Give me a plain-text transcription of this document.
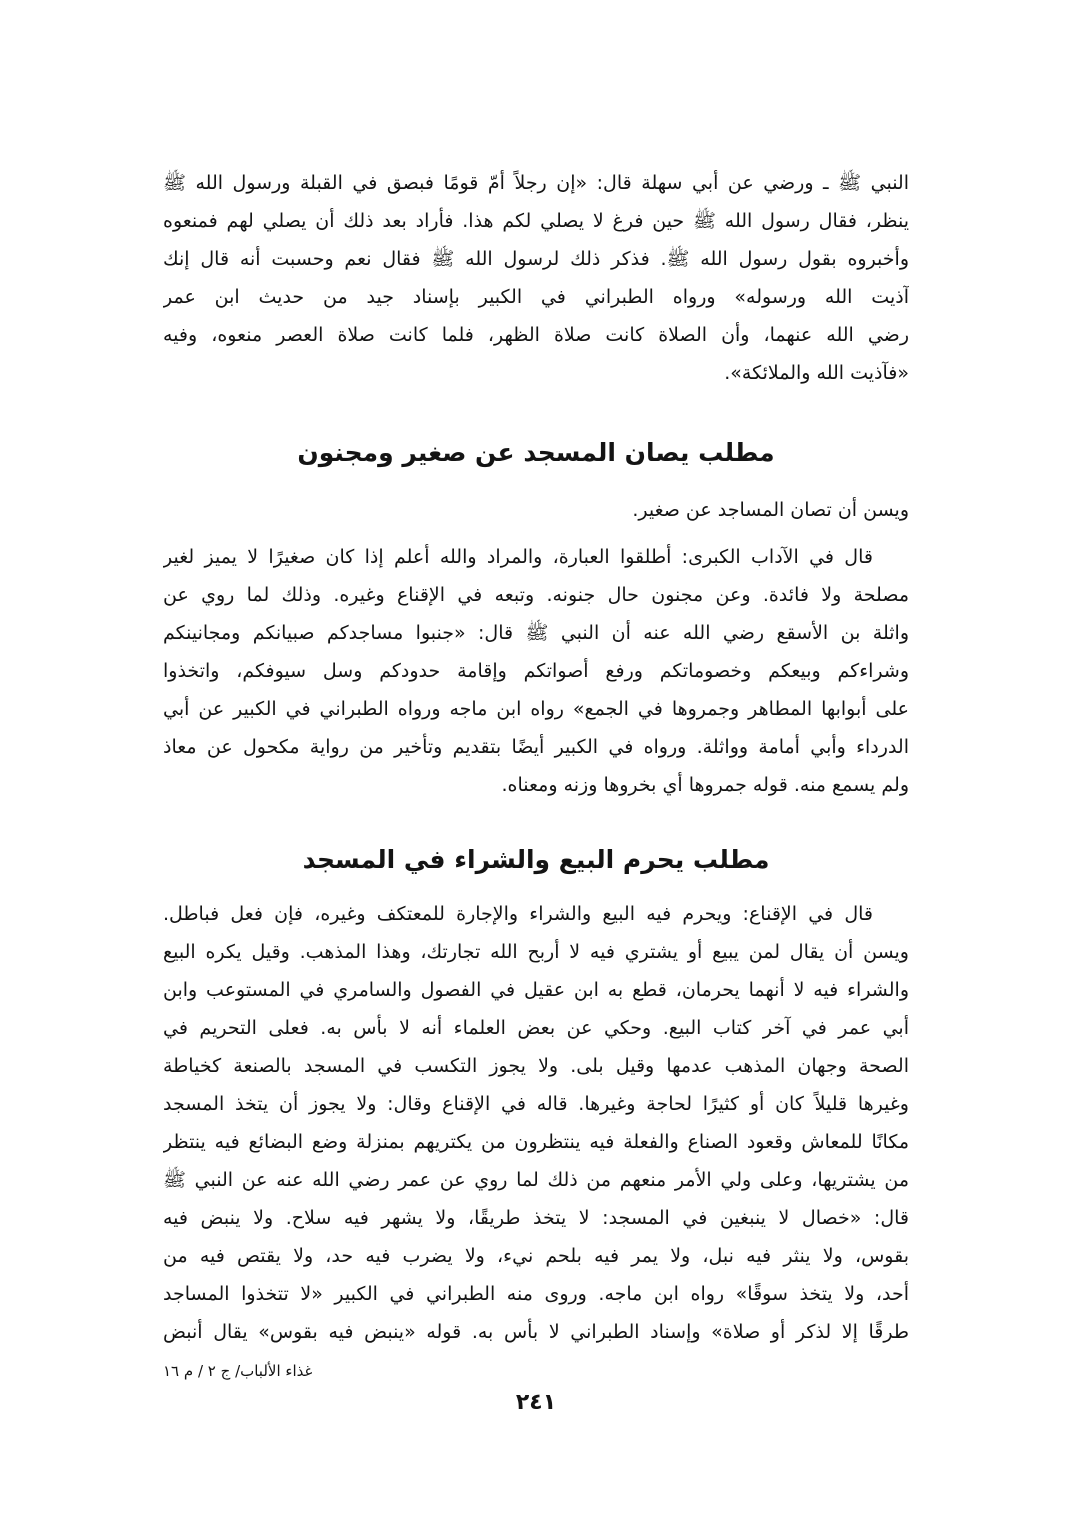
النبي ﷺ ـ ورضي عن أبي سهلة قال: «إن رجلاً أمّ قومًا فبصق في القبلة ورسول الله ﷺ
ينظر، فقال رسول الله ﷺ حين فرغ لا يصلي لكم هذا. فأراد بعد ذلك أن يصلي لهم فمنعوه
وأخبروه بقول رسول الله ﷺ. فذكر ذلك لرسول الله ﷺ فقال نعم وحسبت أنه قال إنك
آذيت الله ورسوله» ورواه الطبراني في الكبير بإسناد جيد من حديث ابن عمر
رضي الله عنهما، وأن الصلاة كانت صلاة الظهر، فلما كانت صلاة العصر منعوه، وفيه
«فآذيت الله والملائكة».
مطلب يصان المسجد عن صغير ومجنون
ويسن أن تصان المساجد عن صغير.
قال في الآداب الكبرى: أطلقوا العبارة، والمراد والله أعلم إذا كان صغيرًا لا يميز لغير
مصلحة ولا فائدة. وعن مجنون حال جنونه. وتبعه في الإقناع وغيره. وذلك لما روي عن
واثلة بن الأسقع رضي الله عنه أن النبي ﷺ قال: «جنبوا مساجدكم صبيانكم ومجانينكم
وشراءكم وبيعكم وخصوماتكم ورفع أصواتكم وإقامة حدودكم وسل سيوفكم، واتخذوا
على أبوابها المطاهر وجمروها في الجمع» رواه ابن ماجه ورواه الطبراني في الكبير عن أبي
الدرداء وأبي أمامة وواثلة. ورواه في الكبير أيضًا بتقديم وتأخير من رواية مكحول عن معاذ
ولم يسمع منه. قوله جمروها أي بخروها وزنه ومعناه.
مطلب يحرم البيع والشراء في المسجد
قال في الإقناع: ويحرم فيه البيع والشراء والإجارة للمعتكف وغيره، فإن فعل فباطل.
ويسن أن يقال لمن يبيع أو يشتري فيه لا أربح الله تجارتك، وهذا المذهب. وقيل يكره البيع
والشراء فيه لا أنهما يحرمان، قطع به ابن عقيل في الفصول والسامري في المستوعب وابن
أبي عمر في آخر كتاب البيع. وحكي عن بعض العلماء أنه لا بأس به. فعلى التحريم في
الصحة وجهان المذهب عدمها وقيل بلى. ولا يجوز التكسب في المسجد بالصنعة كخياطة
وغيرها قليلاً كان أو كثيرًا لحاجة وغيرها. قاله في الإقناع وقال: ولا يجوز أن يتخذ المسجد
مكانًا للمعاش وقعود الصناع والفعلة فيه ينتظرون من يكتريهم بمنزلة وضع البضائع فيه ينتظر
من يشتريها، وعلى ولي الأمر منعهم من ذلك لما روي عن عمر رضي الله عنه عن النبي ﷺ
قال: «خصال لا ينبغين في المسجد: لا يتخذ طريقًا، ولا يشهر فيه سلاح. ولا ينبض فيه
بقوس، ولا ينثر فيه نبل، ولا يمر فيه بلحم نيء، ولا يضرب فيه حد، ولا يقتص فيه من
أحد، ولا يتخذ سوقًا» رواه ابن ماجه. وروى منه الطبراني في الكبير «لا تتخذوا المساجد
طرقًا إلا لذكر أو صلاة» وإسناد الطبراني لا بأس به. قوله «ينبض فيه بقوس» يقال أنبض
غذاء الألباب/ ج ٢ / م ١٦
٢٤١
